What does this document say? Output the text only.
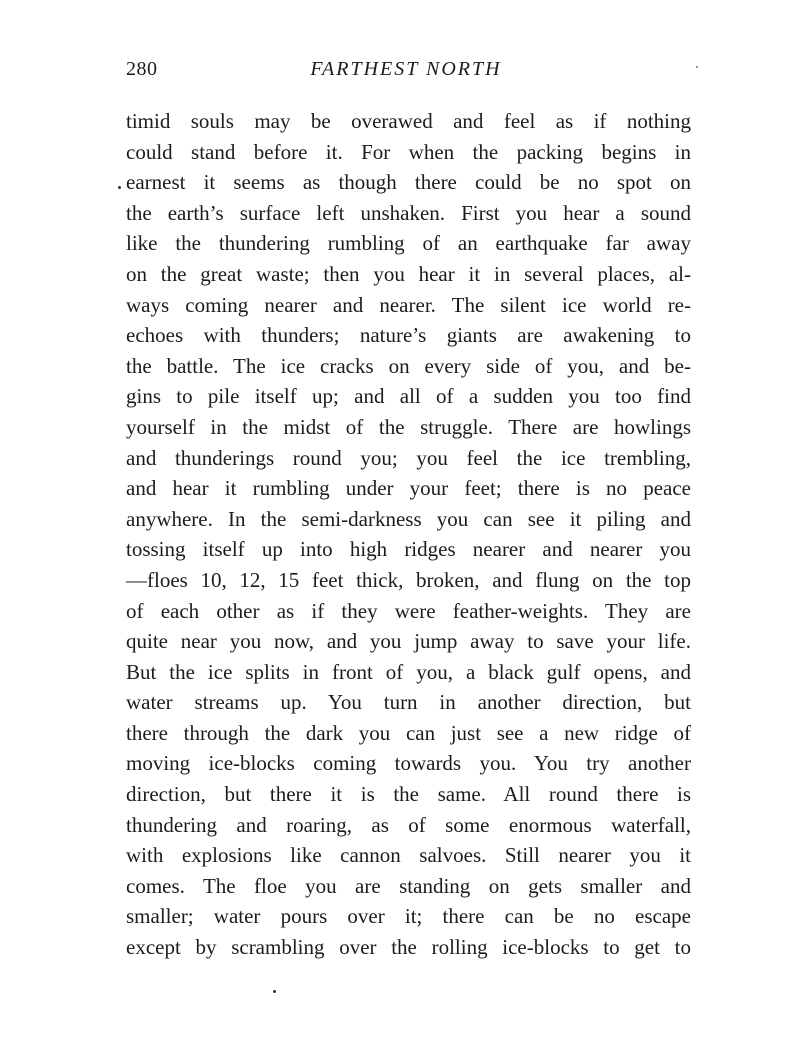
280	FARTHEST NORTH
timid souls may be overawed and feel as if nothing
could stand before it. For when the packing begins in
earnest it seems as though there could be no spot on
the earth’s surface left unshaken. First you hear a sound
like the thundering rumbling of an earthquake far away
on the great waste; then you hear it in several places, al-
ways coming nearer and nearer. The silent ice world re-
echoes with thunders; nature’s giants are awakening to
the battle. The ice cracks on every side of you, and be-
gins to pile itself up; and all of a sudden you too find
yourself in the midst of the struggle. There are howlings
and thunderings round you; you feel the ice trembling,
and hear it rumbling under your feet; there is no peace
anywhere. In the semi-darkness you can see it piling and
tossing itself up into high ridges nearer and nearer you
—floes 10, 12, 15 feet thick, broken, and flung on the top
of each other as if they were feather-weights. They are
quite near you now, and you jump away to save your life.
But the ice splits in front of you, a black gulf opens, and
water streams up. You turn in another direction, but
there through the dark you can just see a new ridge of
moving ice-blocks coming towards you. You try another
direction, but there it is the same. All round there is
thundering and roaring, as of some enormous waterfall,
with explosions like cannon salvoes. Still nearer you it
comes. The floe you are standing on gets smaller and
smaller; water pours over it; there can be no escape
except by scrambling over the rolling ice-blocks to get to
